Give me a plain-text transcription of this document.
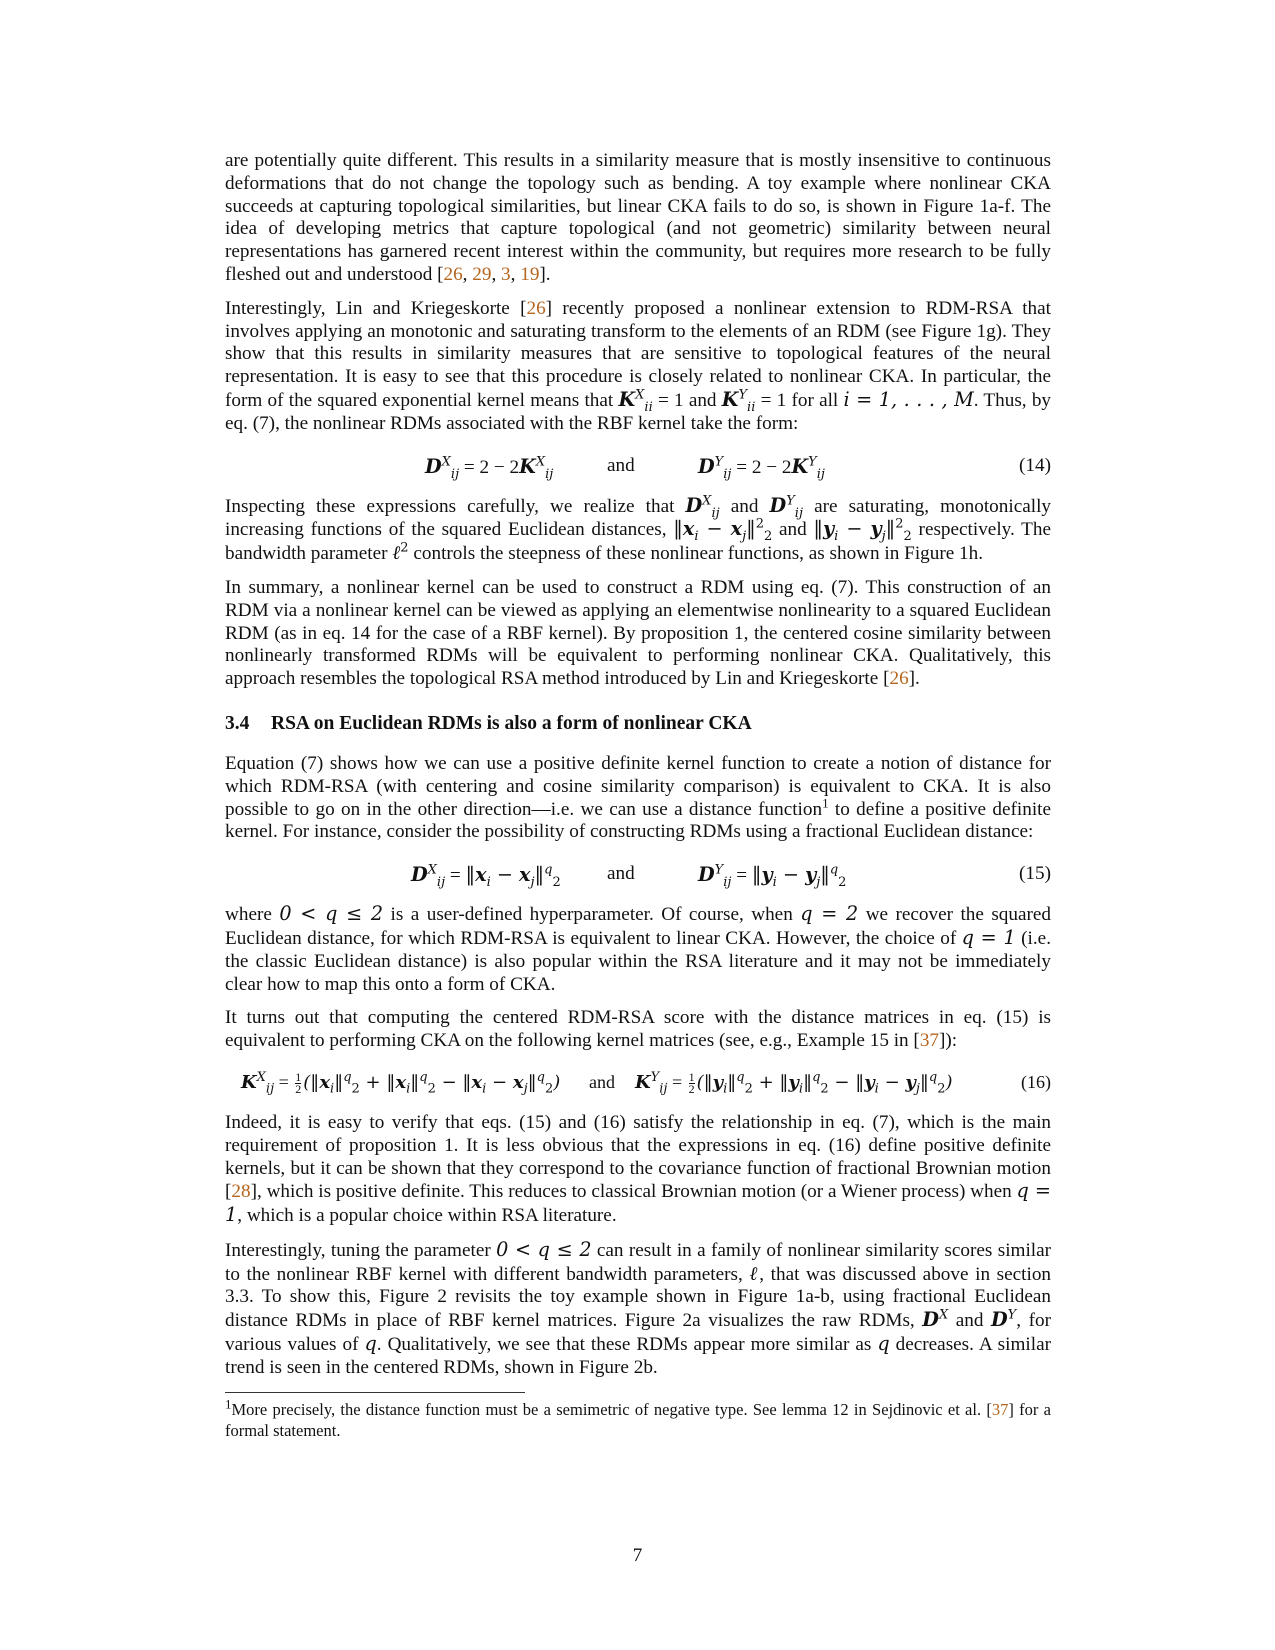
are potentially quite different. This results in a similarity measure that is mostly insensitive to continuous deformations that do not change the topology such as bending. A toy example where nonlinear CKA succeeds at capturing topological similarities, but linear CKA fails to do so, is shown in Figure 1a-f. The idea of developing metrics that capture topological (and not geometric) similarity between neural representations has garnered recent interest within the community, but requires more research to be fully fleshed out and understood [26, 29, 3, 19].

Interestingly, Lin and Kriegeskorte [26] recently proposed a nonlinear extension to RDM-RSA that involves applying an monotonic and saturating transform to the elements of an RDM (see Figure 1g). They show that this results in similarity measures that are sensitive to topological features of the neural representation. It is easy to see that this procedure is closely related to nonlinear CKA. In particular, the form of the squared exponential kernel means that $K^X_{ii} = 1$ and $K^Y_{ii} = 1$ for all i = 1, . . . , M. Thus, by eq. (7), the nonlinear RDMs associated with the RBF kernel take the form:

$D^X_{ij} = 2 - 2K^X_{ij}$	and	$D^Y_{ij} = 2 - 2K^Y_{ij}$	(14)

Inspecting these expressions carefully, we realize that $D^X_{ij}$ and $D^Y_{ij}$ are saturating, monotonically increasing functions of the squared Euclidean distances, $‖x_i$ − $x_j‖^2_2$ and $‖y_i$ − $y_j‖^2_2$ respectively. The bandwidth parameter ℓ$^2$ controls the steepness of these nonlinear functions, as shown in Figure 1h.

In summary, a nonlinear kernel can be used to construct a RDM using eq. (7). This construction of an RDM via a nonlinear kernel can be viewed as applying an elementwise nonlinearity to a squared Euclidean RDM (as in eq. 14 for the case of a RBF kernel). By proposition 1, the centered cosine similarity between nonlinearly transformed RDMs will be equivalent to performing nonlinear CKA. Qualitatively, this approach resembles the topological RSA method introduced by Lin and Kriegeskorte [26].

3.4 RSA on Euclidean RDMs is also a form of nonlinear CKA

Equation (7) shows how we can use a positive definite kernel function to create a notion of distance for which RDM-RSA (with centering and cosine similarity comparison) is equivalent to CKA. It is also possible to go on in the other direction—i.e. we can use a distance function$^1$ to define a positive definite kernel. For instance, consider the possibility of constructing RDMs using a fractional Euclidean distance:

$D^X_{ij}$ = $‖x_i$ − $x_j‖^q_2$ and	$D^Y_{ij}$ = $‖y_i$ − $y_j‖^q_2$	(15)

where 0 < q ≤ 2 is a user-defined hyperparameter. Of course, when q = 2 we recover the squared Euclidean distance, for which RDM-RSA is equivalent to linear CKA. However, the choice of q = 1 (i.e. the classic Euclidean distance) is also popular within the RSA literature and it may not be immediately clear how to map this onto a form of CKA.

It turns out that computing the centered RDM-RSA score with the distance matrices in eq. (15) is equivalent to performing CKA on the following kernel matrices (see, e.g., Example 15 in [37]):

$K^X_{ij} = \frac{1}{2}$ ($‖x_i‖^q_2$ + $‖x_i‖^q_2$ − $‖x_i$ − $x_j‖^q_2$) and $K^Y_{ij} = \frac{1}{2}$ ($‖y_i‖^q_2$ + $‖y_i‖^q_2$ − $‖y_i$ − $y_j‖^q_2$)	(16)

Indeed, it is easy to verify that eqs. (15) and (16) satisfy the relationship in eq. (7), which is the main requirement of proposition 1. It is less obvious that the expressions in eq. (16) define positive definite kernels, but it can be shown that they correspond to the covariance function of fractional Brownian motion [28], which is positive definite. This reduces to classical Brownian motion (or a Wiener process) when q = 1, which is a popular choice within RSA literature.

Interestingly, tuning the parameter 0 < q ≤ 2 can result in a family of nonlinear similarity scores similar to the nonlinear RBF kernel with different bandwidth parameters, ℓ, that was discussed above in section 3.3. To show this, Figure 2 revisits the toy example shown in Figure 1a-b, using fractional Euclidean distance RDMs in place of RBF kernel matrices. Figure 2a visualizes the raw RDMs, $D^X$ and $D^Y$, for various values of q. Qualitatively, we see that these RDMs appear more similar as q decreases. A similar trend is seen in the centered RDMs, shown in Figure 2b.

$^1$More precisely, the distance function must be a semimetric of negative type. See lemma 12 in Sejdinovic et al. [37] for a formal statement.
7
